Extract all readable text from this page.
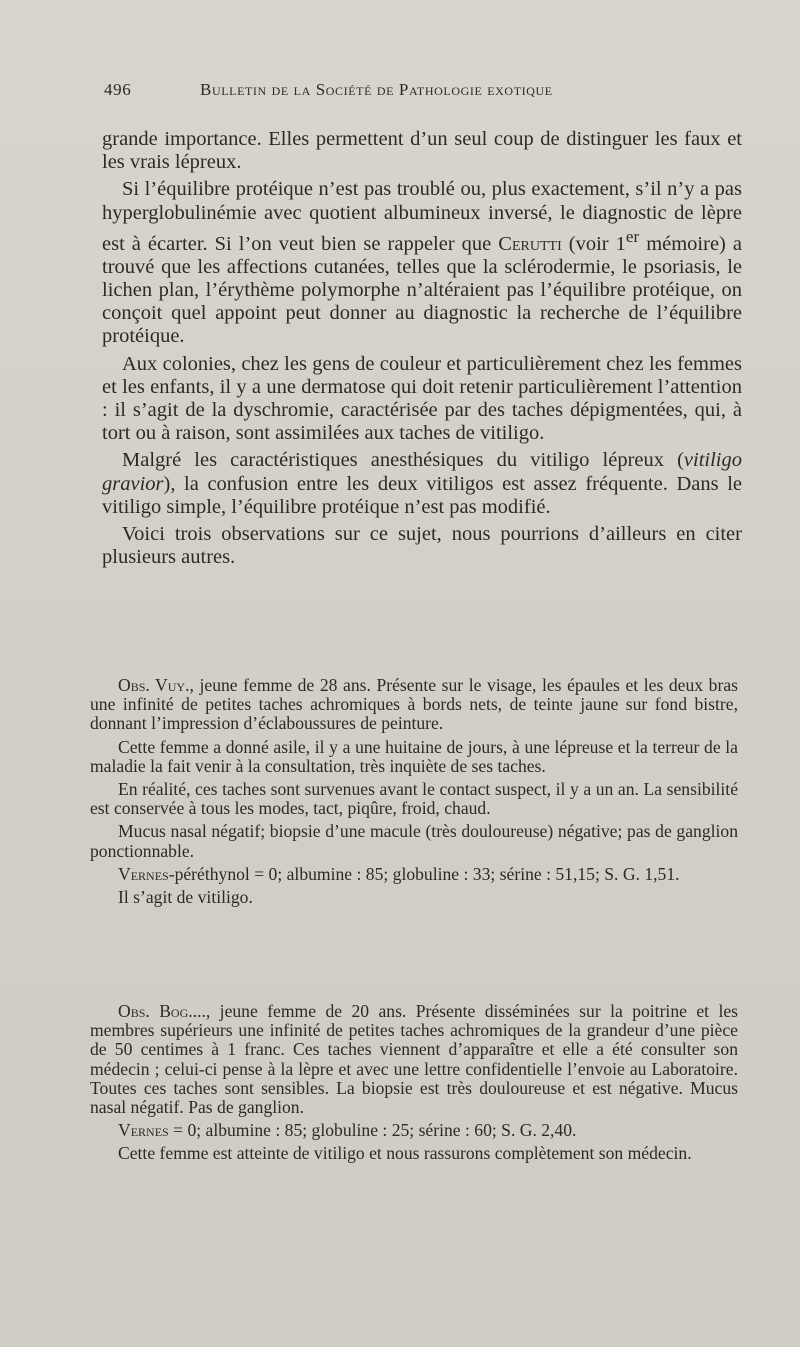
496	Bulletin de la Société de Pathologie exotique

grande importance. Elles permettent d’un seul coup de distinguer les faux et les vrais lépreux.

Si l’équilibre protéique n’est pas troublé ou, plus exactement, s’il n’y a pas hyperglobulinémie avec quotient albumineux inversé, le diagnostic de lèpre est à écarter. Si l’on veut bien se rappeler que Cerutti (voir 1er mémoire) a trouvé que les affections cutanées, telles que la sclérodermie, le psoriasis, le lichen plan, l’érythème polymorphe n’altéraient pas l’équilibre protéique, on conçoit quel appoint peut donner au diagnostic la recherche de l’équilibre protéique.

Aux colonies, chez les gens de couleur et particulièrement chez les femmes et les enfants, il y a une dermatose qui doit retenir particulièrement l’attention : il s’agit de la dyschromie, caractérisée par des taches dépigmentées, qui, à tort ou à raison, sont assimilées aux taches de vitiligo.

Malgré les caractéristiques anesthésiques du vitiligo lépreux (vitiligo gravior), la confusion entre les deux vitiligos est assez fréquente. Dans le vitiligo simple, l’équilibre protéique n’est pas modifié.

Voici trois observations sur ce sujet, nous pourrions d’ailleurs en citer plusieurs autres.

Obs. Vuy., jeune femme de 28 ans. Présente sur le visage, les épaules et les deux bras une infinité de petites taches achromiques à bords nets, de teinte jaune sur fond bistre, donnant l’impression d’éclaboussures de peinture.

Cette femme a donné asile, il y a une huitaine de jours, à une lépreuse et la terreur de la maladie la fait venir à la consultation, très inquiète de ses taches.

En réalité, ces taches sont survenues avant le contact suspect, il y a un an. La sensibilité est conservée à tous les modes, tact, piqûre, froid, chaud.

Mucus nasal négatif; biopsie d’une macule (très douloureuse) négative; pas de ganglion ponctionnable.

Vernes-péréthynol = 0; albumine : 85; globuline : 33; sérine : 51,15; S. G. 1,51.

Il s’agit de vitiligo.

Obs. Bog...., jeune femme de 20 ans. Présente disséminées sur la poitrine et les membres supérieurs une infinité de petites taches achromiques de la grandeur d’une pièce de 50 centimes à 1 franc. Ces taches viennent d’apparaître et elle a été consulter son médecin ; celui-ci pense à la lèpre et avec une lettre confidentielle l’envoie au Laboratoire. Toutes ces taches sont sensibles. La biopsie est très douloureuse et est négative. Mucus nasal négatif. Pas de ganglion.

Vernes = 0; albumine : 85; globuline : 25; sérine : 60; S. G. 2,40.

Cette femme est atteinte de vitiligo et nous rassurons complètement son médecin.
